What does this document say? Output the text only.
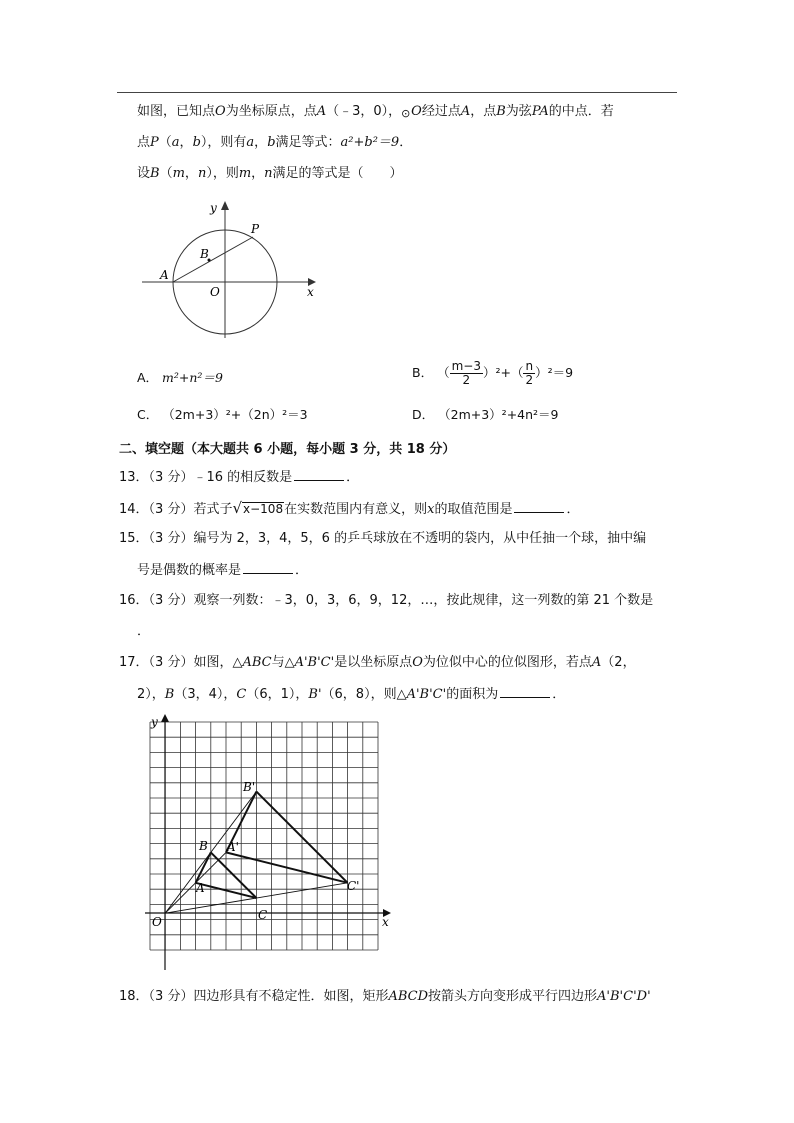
如图，已知点O为坐标原点，点A（﹣3，0）， ⊙ O经过点A，点B为弦PA的中点．若
点P（a，b），则有a，b满足等式：a²+b²＝9．
设B（m，n），则m，n满足的等式是（　　）
y
P
B
A
O	x
A． m²+n²＝9	B． （ $\frac{m-3}{2} )^2+( \frac{n}{2} )^2=9$
C． （2m+3）²+（2n）²＝3	D． （2m+3）²+4n²＝9
二、填空题（本大题共 6 小题，每小题 3 分，共 18 分）
13．（3 分）﹣16 的相反数是	．
14．（3 分）若式子√x−108在实数范围内有意义，则x的取值范围是	．
15．（3 分）编号为 2，3，4，5，6 的乒乓球放在不透明的袋内，从中任抽一个球，抽中编
号是偶数的概率是	．
16．（3 分）观察一列数：﹣3，0，3，6，9，12，…，按此规律，这一列数的第 21 个数是
．
17．（3 分）如图，△ABC与△A'B'C'是以坐标原点O为位似中心的位似图形，若点A（2，
2），B（3，4），C（6，1），B'（6，8），则△A'B'C'的面积为	．
y
x
O
A
B
C
A'
B'
C'
18．（3 分）四边形具有不稳定性．如图，矩形ABCD按箭头方向变形成平行四边形A'B'C'D'
